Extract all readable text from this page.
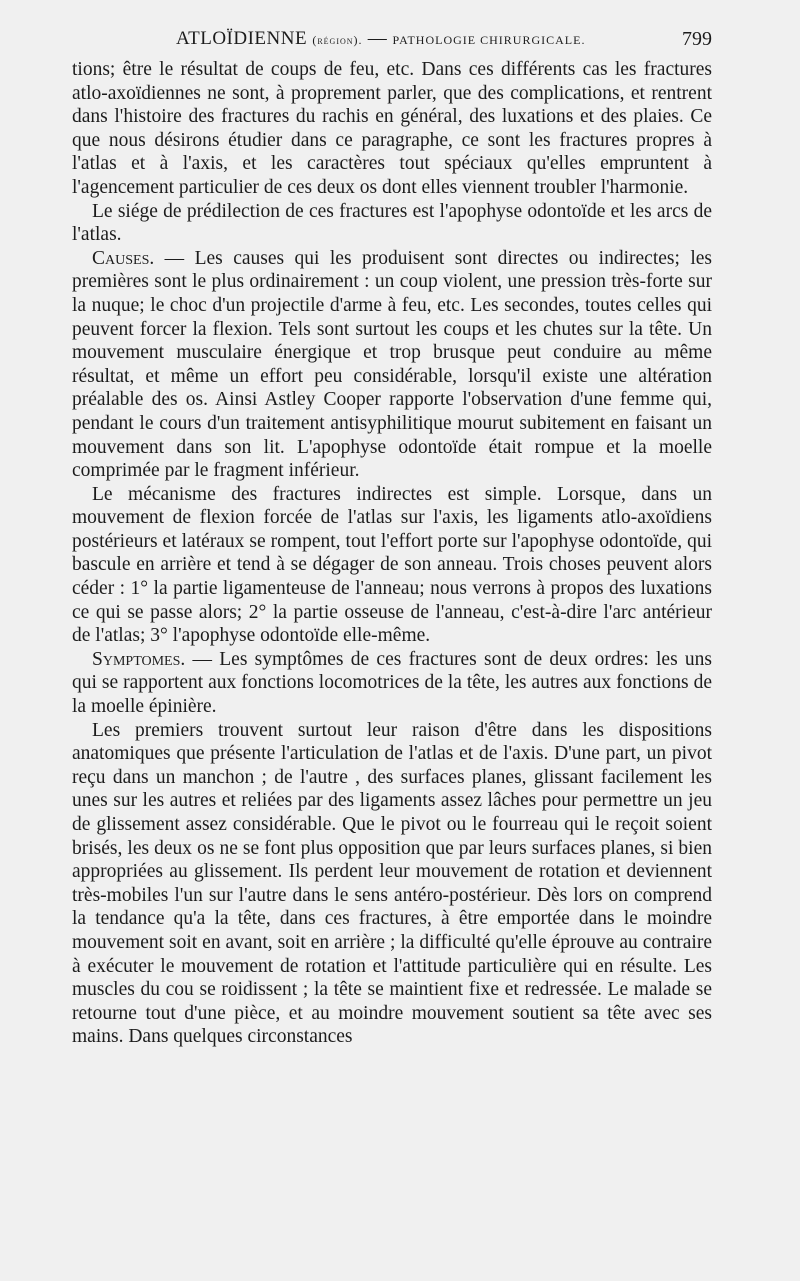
ATLOÏDIENNE (région). — PATHOLOGIE CHIRURGICALE.	799

tions; être le résultat de coups de feu, etc. Dans ces différents cas les fractures atlo-axoïdiennes ne sont, à proprement parler, que des complications, et rentrent dans l'histoire des fractures du rachis en général, des luxations et des plaies. Ce que nous désirons étudier dans ce paragraphe, ce sont les fractures propres à l'atlas et à l'axis, et les caractères tout spéciaux qu'elles empruntent à l'agencement particulier de ces deux os dont elles viennent troubler l'harmonie.

Le siége de prédilection de ces fractures est l'apophyse odontoïde et les arcs de l'atlas.

Causes. — Les causes qui les produisent sont directes ou indirectes; les premières sont le plus ordinairement : un coup violent, une pression très-forte sur la nuque; le choc d'un projectile d'arme à feu, etc. Les secondes, toutes celles qui peuvent forcer la flexion. Tels sont surtout les coups et les chutes sur la tête. Un mouvement musculaire énergique et trop brusque peut conduire au même résultat, et même un effort peu considérable, lorsqu'il existe une altération préalable des os. Ainsi Astley Cooper rapporte l'observation d'une femme qui, pendant le cours d'un traitement antisyphilitique mourut subitement en faisant un mouvement dans son lit. L'apophyse odontoïde était rompue et la moelle comprimée par le fragment inférieur.

Le mécanisme des fractures indirectes est simple. Lorsque, dans un mouvement de flexion forcée de l'atlas sur l'axis, les ligaments atlo-axoïdiens postérieurs et latéraux se rompent, tout l'effort porte sur l'apophyse odontoïde, qui bascule en arrière et tend à se dégager de son anneau. Trois choses peuvent alors céder : 1° la partie ligamenteuse de l'anneau; nous verrons à propos des luxations ce qui se passe alors; 2° la partie osseuse de l'anneau, c'est-à-dire l'arc antérieur de l'atlas; 3° l'apophyse odontoïde elle-même.

Symptomes. — Les symptômes de ces fractures sont de deux ordres: les uns qui se rapportent aux fonctions locomotrices de la tête, les autres aux fonctions de la moelle épinière.

Les premiers trouvent surtout leur raison d'être dans les dispositions anatomiques que présente l'articulation de l'atlas et de l'axis. D'une part, un pivot reçu dans un manchon ; de l'autre , des surfaces planes, glissant facilement les unes sur les autres et reliées par des ligaments assez lâches pour permettre un jeu de glissement assez considérable. Que le pivot ou le fourreau qui le reçoit soient brisés, les deux os ne se font plus opposition que par leurs surfaces planes, si bien appropriées au glissement. Ils perdent leur mouvement de rotation et deviennent très-mobiles l'un sur l'autre dans le sens antéro-postérieur. Dès lors on comprend la tendance qu'a la tête, dans ces fractures, à être emportée dans le moindre mouvement soit en avant, soit en arrière ; la difficulté qu'elle éprouve au contraire à exécuter le mouvement de rotation et l'attitude particulière qui en résulte. Les muscles du cou se roidissent ; la tête se maintient fixe et redressée. Le malade se retourne tout d'une pièce, et au moindre mouvement soutient sa tête avec ses mains. Dans quelques circonstances
